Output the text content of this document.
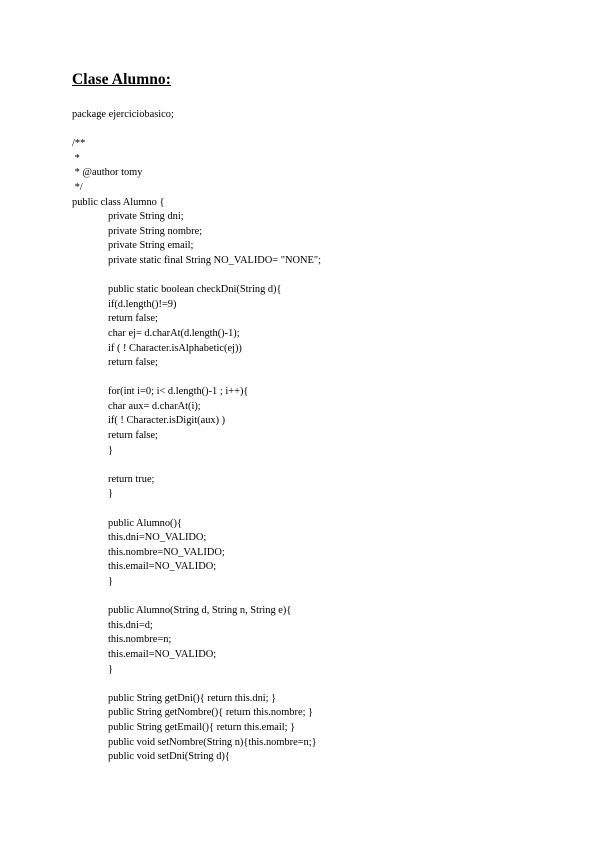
Clase Alumno:
package ejerciciobasico;
/**
*
* @author tomy
*/
public class Alumno {
private String dni;
private String nombre;
private String email;
private static final String NO_VALIDO= "NONE";
public static boolean checkDni(String d){
if(d.length()!=9)
return false;
char ej= d.charAt(d.length()-1);
if ( ! Character.isAlphabetic(ej))
return false;
for(int i=0; i< d.length()-1 ; i++){
char aux= d.charAt(i);
if( ! Character.isDigit(aux) )
return false;
}
return true;
}
public Alumno(){
this.dni=NO_VALIDO;
this.nombre=NO_VALIDO;
this.email=NO_VALIDO;
}
public Alumno(String d, String n, String e){
this.dni=d;
this.nombre=n;
this.email=NO_VALIDO;
}
public String getDni(){ return this.dni; }
public String getNombre(){ return this.nombre; }
public String getEmail(){ return this.email; }
public void setNombre(String n){this.nombre=n;}
public void setDni(String d){
